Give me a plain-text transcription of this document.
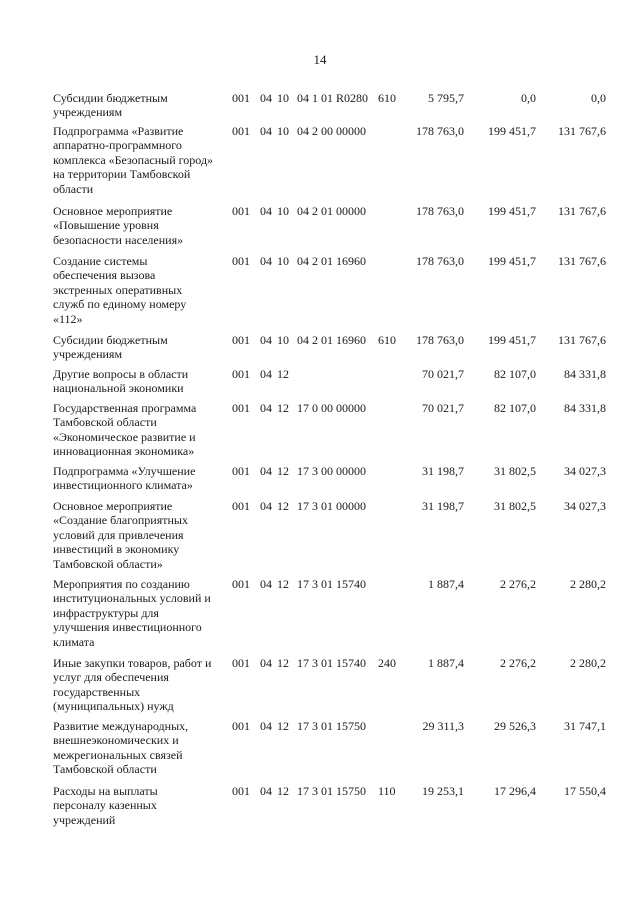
14
Субсидии бюджетным
учреждениям
001 04 10 04 1 01 R0280 610	5 795,7	0,0	0,0
Подпрограмма «Развитие
аппаратно-программного
комплекса «Безопасный город»
на территории Тамбовской
области
001 04 10 04 2 00 00000	178 763,0	199 451,7	131 767,6
Основное мероприятие
«Повышение уровня
безопасности населения»
001 04 10 04 2 01 00000	178 763,0	199 451,7	131 767,6
Создание системы
обеспечения вызова
экстренных оперативных
служб по единому номеру
«112»
001 04 10 04 2 01 16960	178 763,0	199 451,7	131 767,6
Субсидии бюджетным
учреждениям
001 04 10 04 2 01 16960 610	178 763,0	199 451,7	131 767,6
Другие вопросы в области
национальной экономики
001 04 12	70 021,7	82 107,0	84 331,8
Государственная программа
Тамбовской области
«Экономическое развитие и
инновационная экономика»
001 04 12 17 0 00 00000	70 021,7	82 107,0	84 331,8
Подпрограмма «Улучшение
инвестиционного климата»
001 04 12 17 3 00 00000	31 198,7	31 802,5	34 027,3
Основное мероприятие
«Создание благоприятных
условий для привлечения
инвестиций в экономику
Тамбовской области»
001 04 12 17 3 01 00000	31 198,7	31 802,5	34 027,3
Мероприятия по созданию
институциональных условий и
инфраструктуры для
улучшения инвестиционного
климата
001 04 12 17 3 01 15740	1 887,4	2 276,2	2 280,2
Иные закупки товаров, работ и
услуг для обеспечения
государственных
(муниципальных) нужд
001 04 12 17 3 01 15740 240	1 887,4	2 276,2	2 280,2
Развитие международных,
внешнеэкономических и
межрегиональных связей
Тамбовской области
001 04 12 17 3 01 15750	29 311,3	29 526,3	31 747,1
Расходы на выплаты
персоналу казенных
учреждений
001 04 12 17 3 01 15750 110	19 253,1	17 296,4	17 550,4
